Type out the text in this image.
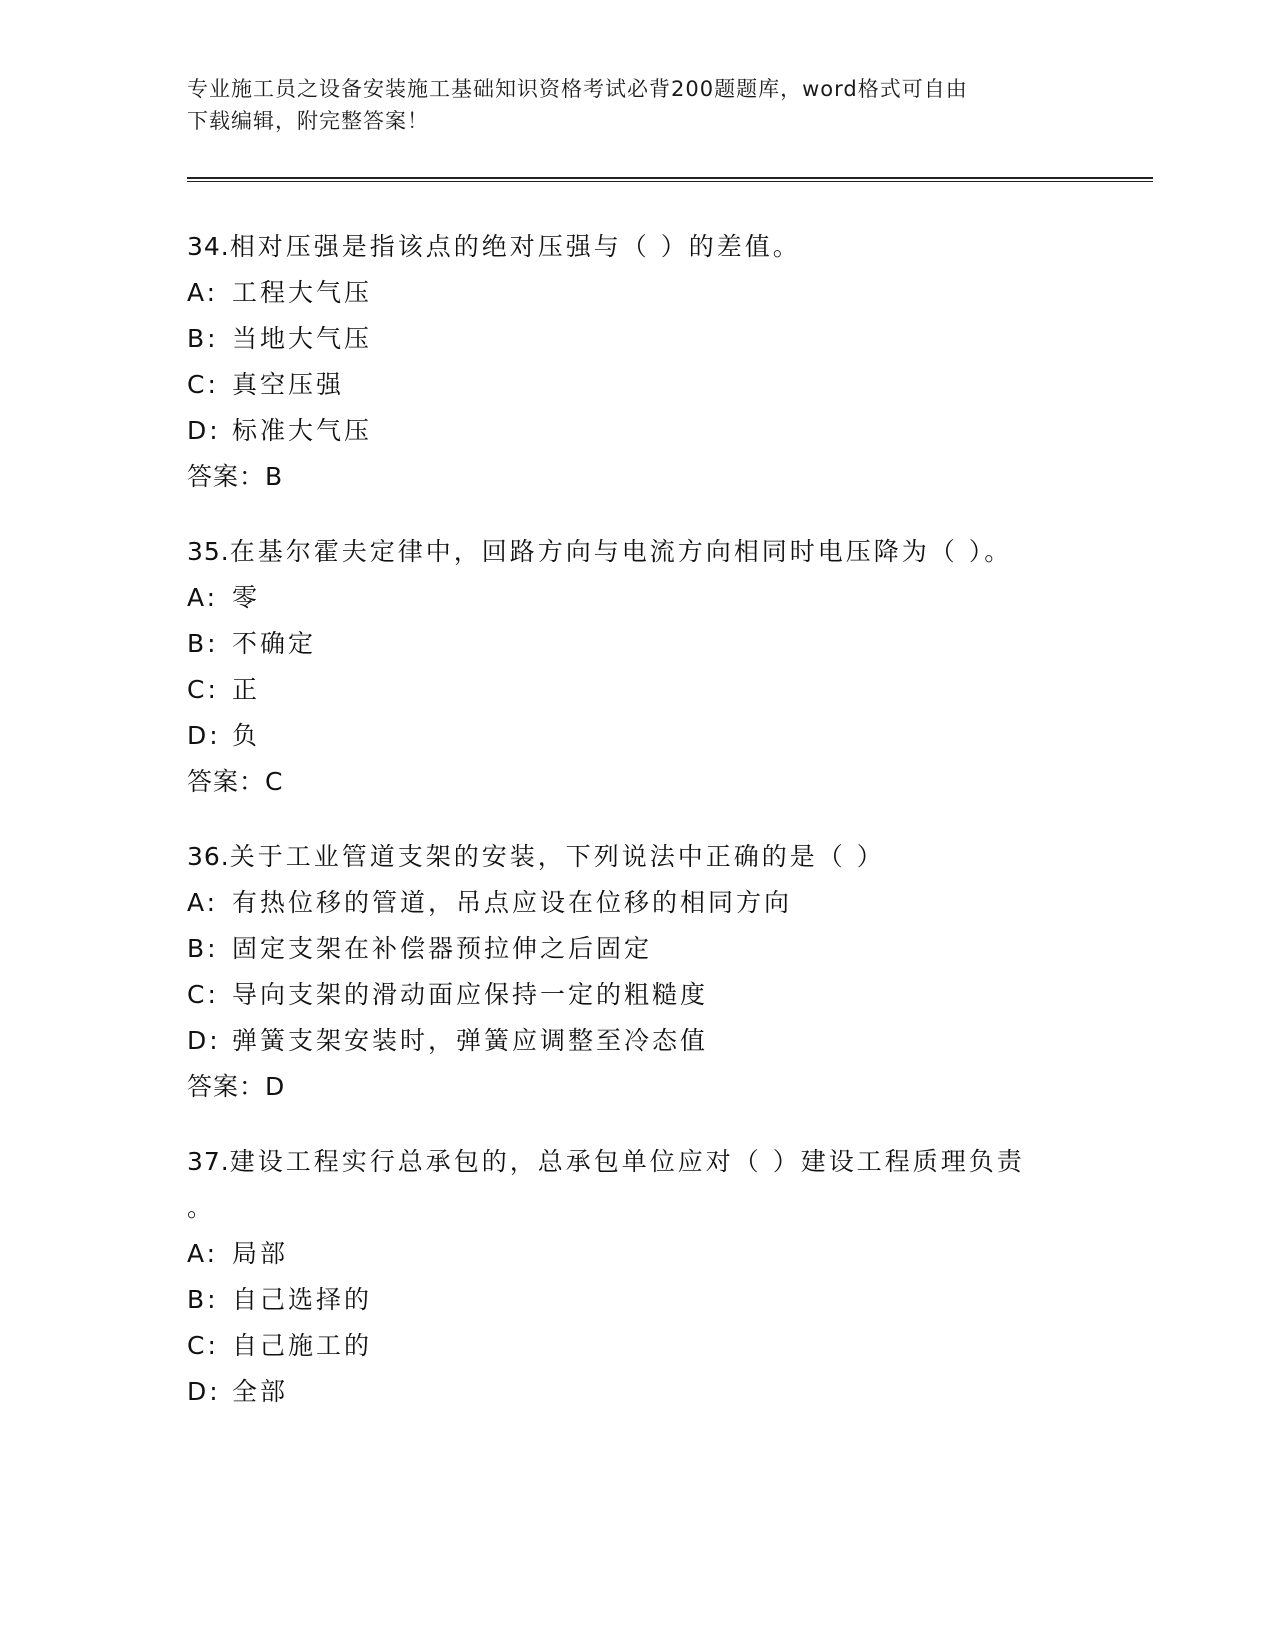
专业施工员之设备安装施工基础知识资格考试必背200题题库，word格式可自由
下载编辑，附完整答案！
34.相对压强是指该点的绝对压强与（ ）的差值。
A: 工程大气压
B: 当地大气压
C: 真空压强
D: 标准大气压
答案：B
35.在基尔霍夫定律中，回路方向与电流方向相同时电压降为（ ）。
A: 零
B: 不确定
C: 正
D: 负
答案：C
36.关于工业管道支架的安装，下列说法中正确的是（ ）
A: 有热位移的管道，吊点应设在位移的相同方向
B: 固定支架在补偿器预拉伸之后固定
C: 导向支架的滑动面应保持一定的粗糙度
D: 弹簧支架安装时，弹簧应调整至冷态值
答案：D
37.建设工程实行总承包的，总承包单位应对（ ）建设工程质理负责
。
A: 局部
B: 自己选择的
C: 自己施工的
D: 全部
